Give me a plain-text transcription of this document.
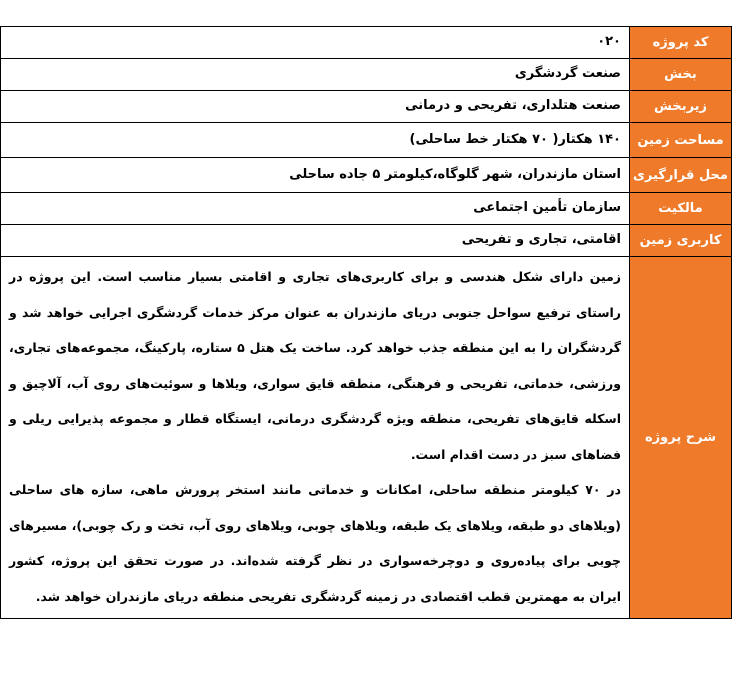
کد پروژه	۰۲۰
بخش	صنعت گردشگری
زیربخش	صنعت هتلداری، تفریحی و درمانی
مساحت زمین	۱۴۰ هکتار( ۷۰ هکتار خط ساحلی)
محل قرارگیری	استان مازندران، شهر گلوگاه،کیلومتر ۵ جاده ساحلی
مالکیت	سازمان تأمین اجتماعی
کاربری زمین	اقامتی، تجاری و تفریحی
شرح پروژه	زمین دارای شکل هندسی و برای کاربری‌های تجاری و اقامتی بسیار مناسب است. این پروژه در راستای ترفیع سواحل جنوبی دریای مازندران به عنوان مرکز خدمات گردشگری اجرایی خواهد شد و گردشگران را به این منطقه جذب خواهد کرد. ساخت یک هتل ۵ ستاره، پارکینگ، مجموعه‌های تجاری، ورزشی، خدماتی، تفریحی و فرهنگی، منطقه قایق سواری، ویلاها و سوئیت‌های روی آب، آلاچیق و اسکله قایق‌های تفریحی، منطقه ویژه گردشگری درمانی، ایستگاه قطار و مجموعه پذیرایی ریلی و فضاهای سبز در دست اقدام است.

در ۷۰ کیلومتر منطقه ساحلی، امکانات و خدماتی مانند استخر پرورش ماهی، سازه های ساحلی (ویلاهای دو طبقه، ویلاهای یک طبقه، ویلاهای چوبی، ویلاهای روی آب، تخت و رک چوبی)، مسیرهای چوبی برای پیاده‌روی و دوچرخه‌سواری در نظر گرفته شده‌اند. در صورت تحقق این پروژه، کشور ایران به مهمترین قطب اقتصادی در زمینه گردشگری تفریحی منطقه دریای مازندران خواهد شد.
